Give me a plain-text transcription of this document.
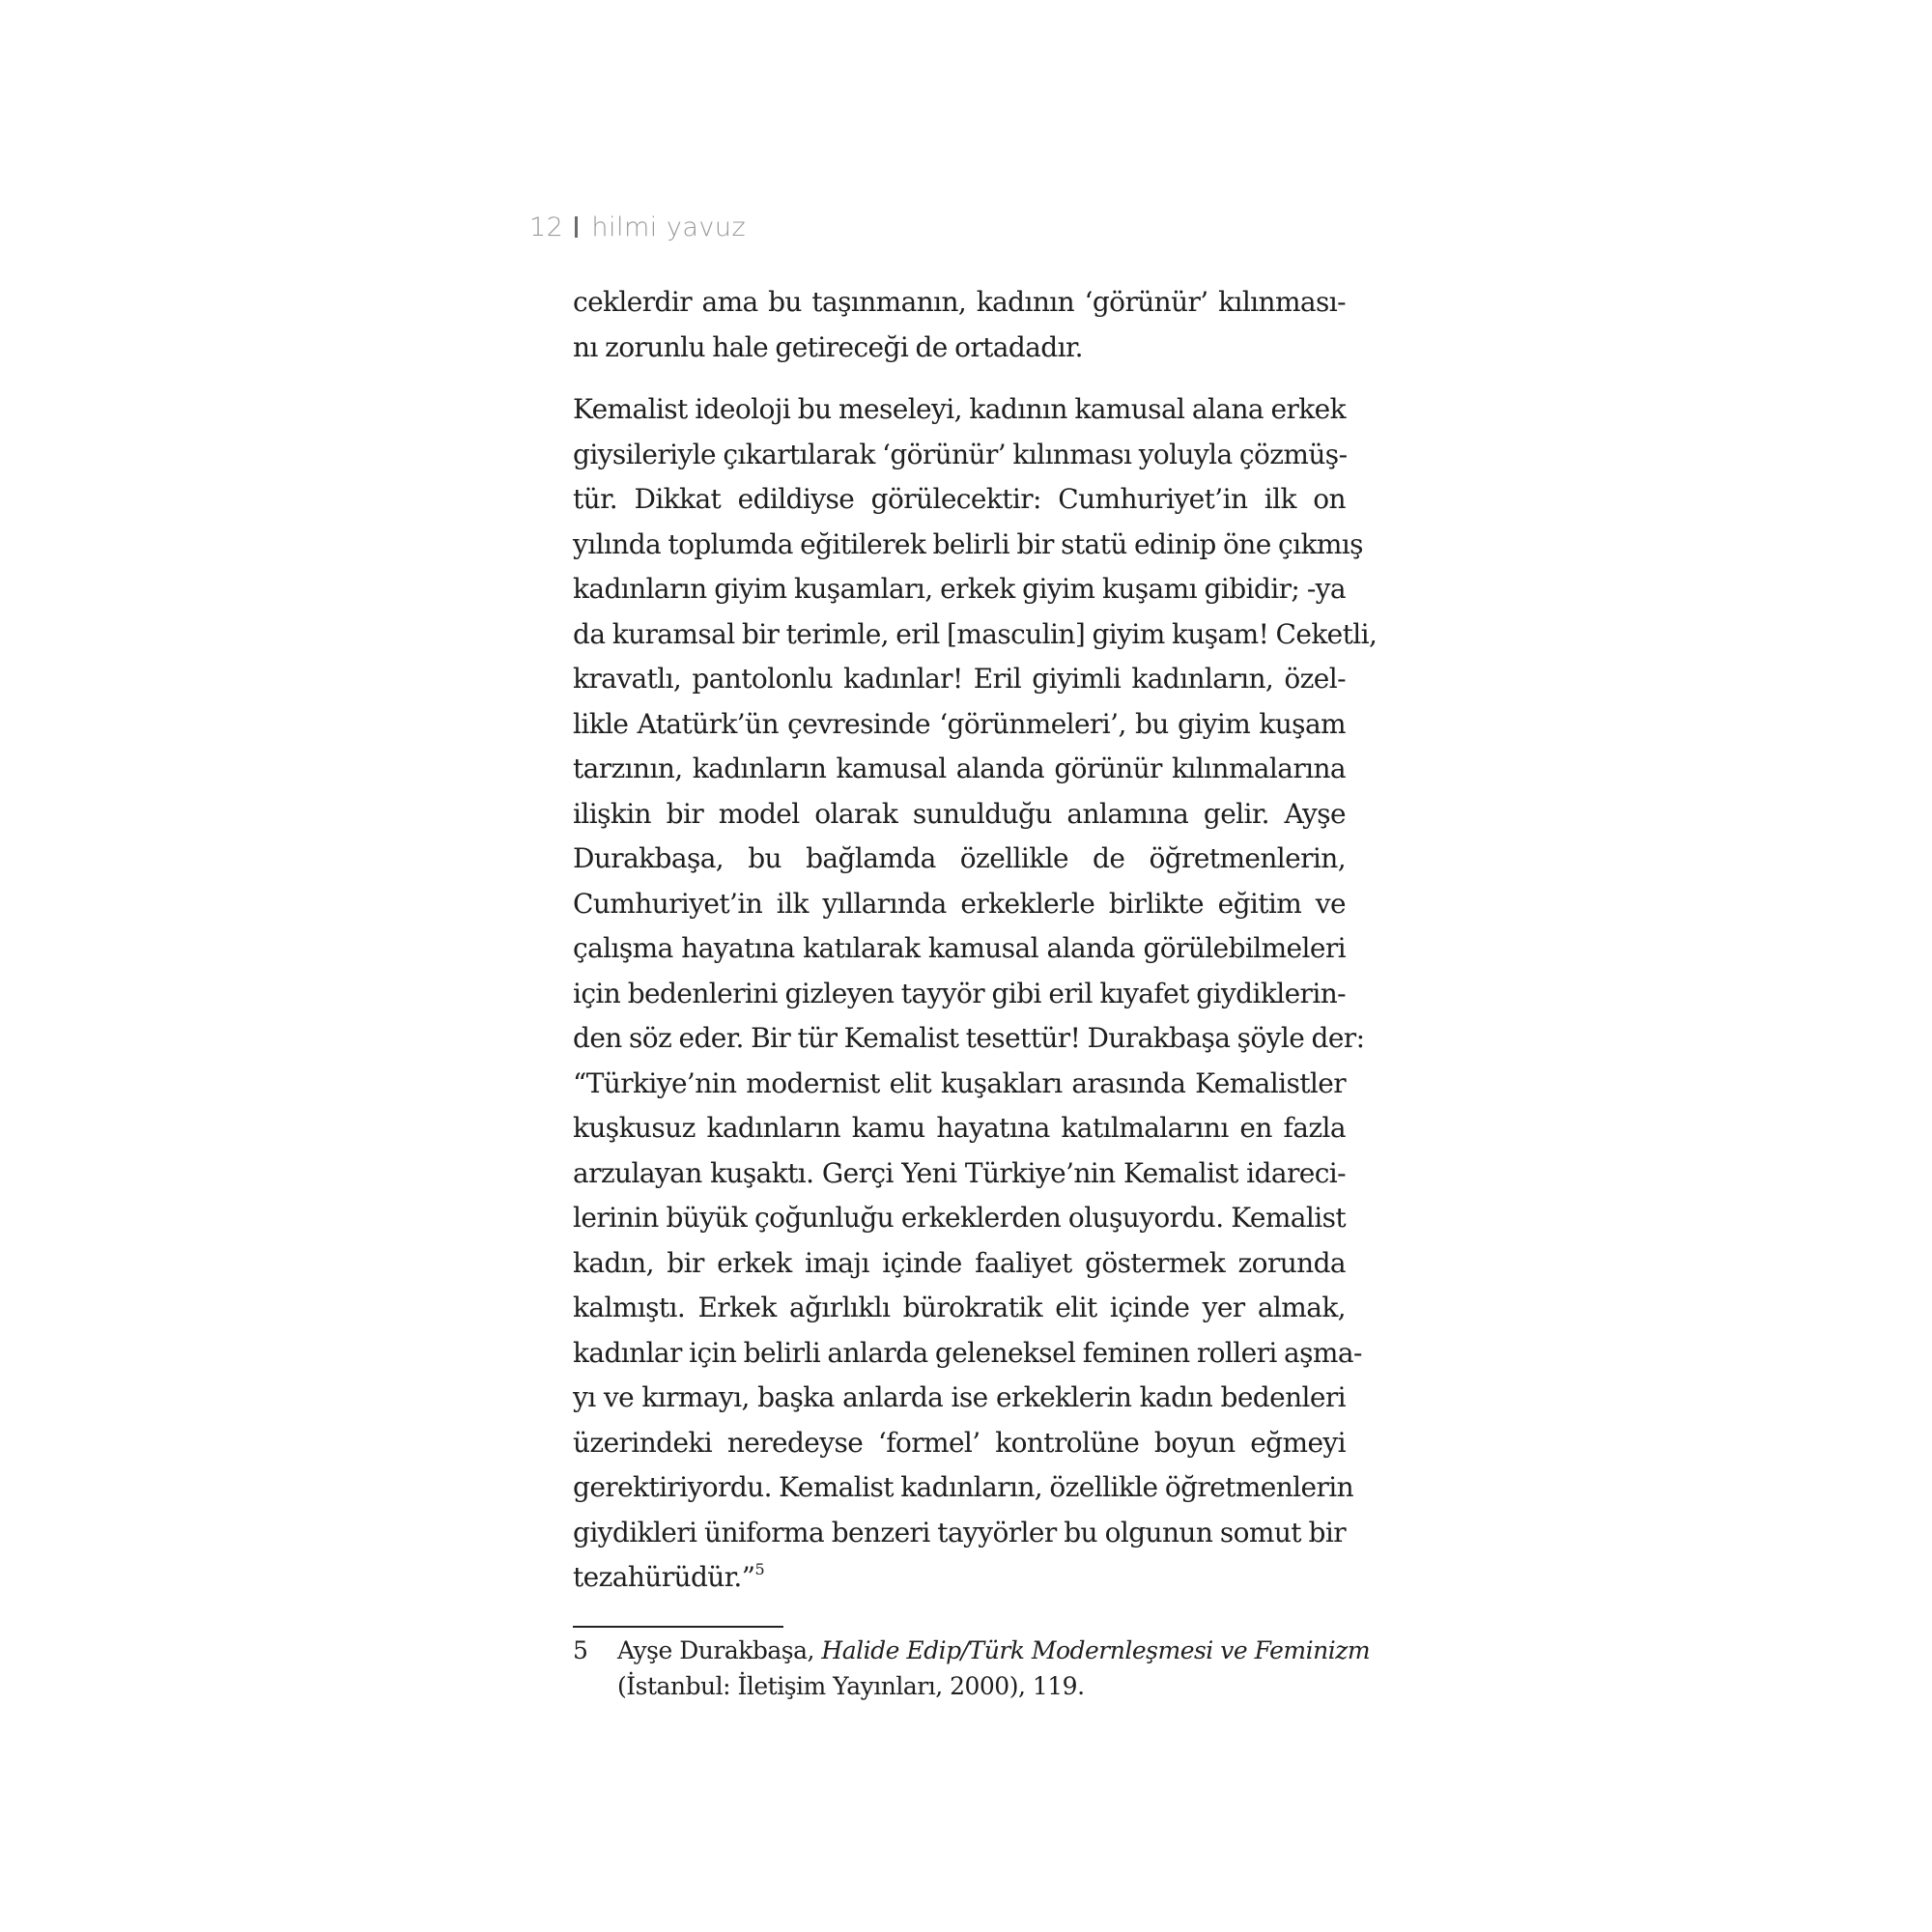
12 hilmi yavuz
ceklerdir ama bu taşınmanın, kadının ‘görünür’ kılınması-
nı zorunlu hale getireceği de ortadadır.
Kemalist ideoloji bu meseleyi, kadının kamusal alana erkek
giysileriyle çıkartılarak ‘görünür’ kılınması yoluyla çözmüş-
tür. Dikkat edildiyse görülecektir: Cumhuriyet’in ilk on
yılında toplumda eğitilerek belirli bir statü edinip öne çıkmış
kadınların giyim kuşamları, erkek giyim kuşamı gibidir; -ya
da kuramsal bir terimle, eril [masculin] giyim kuşam! Ceketli,
kravatlı, pantolonlu kadınlar! Eril giyimli kadınların, özel-
likle Atatürk’ün çevresinde ‘görünmeleri’, bu giyim kuşam
tarzının, kadınların kamusal alanda görünür kılınmalarına
ilişkin bir model olarak sunulduğu anlamına gelir. Ayşe
Durakbaşa, bu bağlamda özellikle de öğretmenlerin,
Cumhuriyet’in ilk yıllarında erkeklerle birlikte eğitim ve
çalışma hayatına katılarak kamusal alanda görülebilmeleri
için bedenlerini gizleyen tayyör gibi eril kıyafet giydiklerin-
den söz eder. Bir tür Kemalist tesettür! Durakbaşa şöyle der:
“Türkiye’nin modernist elit kuşakları arasında Kemalistler
kuşkusuz kadınların kamu hayatına katılmalarını en fazla
arzulayan kuşaktı. Gerçi Yeni Türkiye’nin Kemalist idareci-
lerinin büyük çoğunluğu erkeklerden oluşuyordu. Kemalist
kadın, bir erkek imajı içinde faaliyet göstermek zorunda
kalmıştı. Erkek ağırlıklı bürokratik elit içinde yer almak,
kadınlar için belirli anlarda geleneksel feminen rolleri aşma-
yı ve kırmayı, başka anlarda ise erkeklerin kadın bedenleri
üzerindeki neredeyse ‘formel’ kontrolüne boyun eğmeyi
gerektiriyordu. Kemalist kadınların, özellikle öğretmenlerin
giydikleri üniforma benzeri tayyörler bu olgunun somut bir
tezahürüdür.”$^5$
5	Ayşe Durakbaşa, Halide Edip/Türk Modernleşmesi ve Feminizm
(İstanbul: İletişim Yayınları, 2000), 119.
